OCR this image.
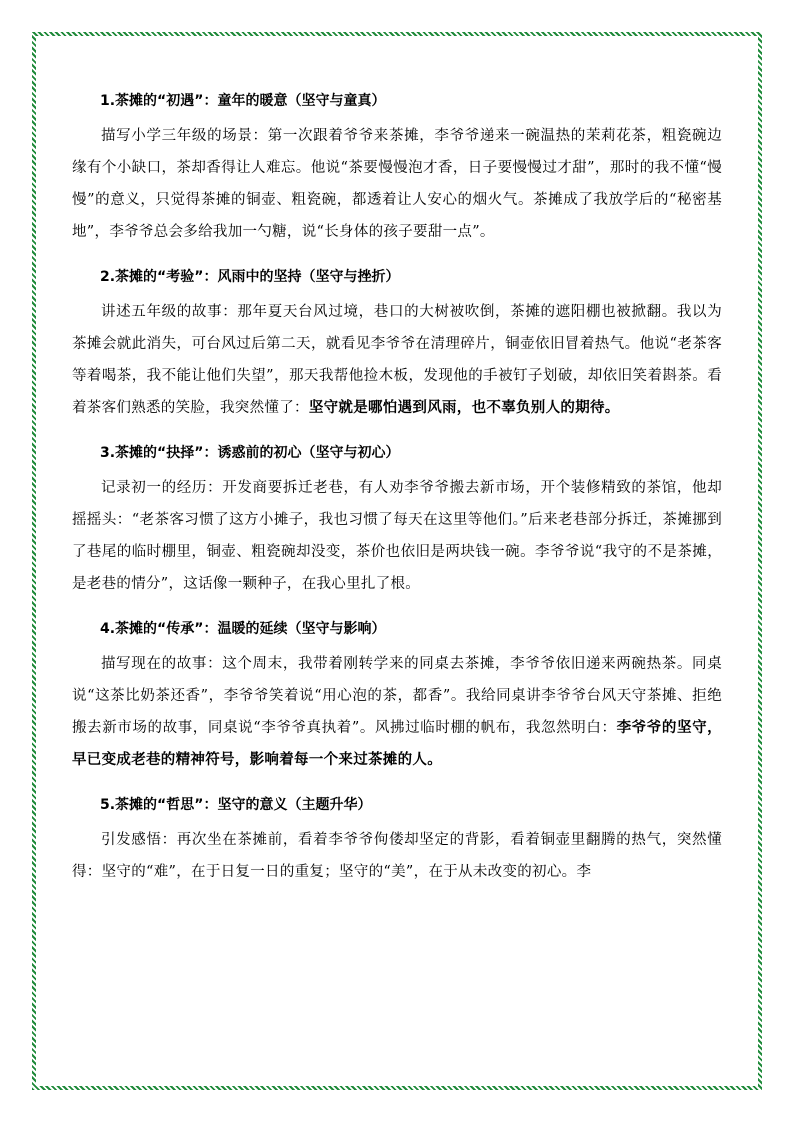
1.茶摊的“初遇”：童年的暖意（坚守与童真）

描写小学三年级的场景：第一次跟着爷爷来茶摊，李爷爷递来一碗温热的茉莉花茶，粗瓷碗边缘有个小缺口，茶却香得让人难忘。他说“茶要慢慢泡才香，日子要慢慢过才甜”，那时的我不懂“慢慢”的意义，只觉得茶摊的铜壶、粗瓷碗，都透着让人安心的烟火气。茶摊成了我放学后的“秘密基地”，李爷爷总会多给我加一勺糖，说“长身体的孩子要甜一点”。

2.茶摊的“考验”：风雨中的坚持（坚守与挫折）

讲述五年级的故事：那年夏天台风过境，巷口的大树被吹倒，茶摊的遮阳棚也被掀翻。我以为茶摊会就此消失，可台风过后第二天，就看见李爷爷在清理碎片，铜壶依旧冒着热气。他说“老茶客等着喝茶，我不能让他们失望”，那天我帮他捡木板，发现他的手被钉子划破，却依旧笑着斟茶。看着茶客们熟悉的笑脸，我突然懂了：坚守就是哪怕遇到风雨，也不辜负别人的期待。

3.茶摊的“抉择”：诱惑前的初心（坚守与初心）

记录初一的经历：开发商要拆迁老巷，有人劝李爷爷搬去新市场，开个装修精致的茶馆，他却摇摇头：“老茶客习惯了这方小摊子，我也习惯了每天在这里等他们。”后来老巷部分拆迁，茶摊挪到了巷尾的临时棚里，铜壶、粗瓷碗却没变，茶价也依旧是两块钱一碗。李爷爷说“我守的不是茶摊，是老巷的情分”，这话像一颗种子，在我心里扎了根。

4.茶摊的“传承”：温暖的延续（坚守与影响）

描写现在的故事：这个周末，我带着刚转学来的同桌去茶摊，李爷爷依旧递来两碗热茶。同桌说“这茶比奶茶还香”，李爷爷笑着说“用心泡的茶，都香”。我给同桌讲李爷爷台风天守茶摊、拒绝搬去新市场的故事，同桌说“李爷爷真执着”。风拂过临时棚的帆布，我忽然明白：李爷爷的坚守，早已变成老巷的精神符号，影响着每一个来过茶摊的人。

5.茶摊的“哲思”：坚守的意义（主题升华）

引发感悟：再次坐在茶摊前，看着李爷爷佝偻却坚定的背影，看着铜壶里翻腾的热气，突然懂得：坚守的“难”，在于日复一日的重复；坚守的“美”，在于从未改变的初心。李
